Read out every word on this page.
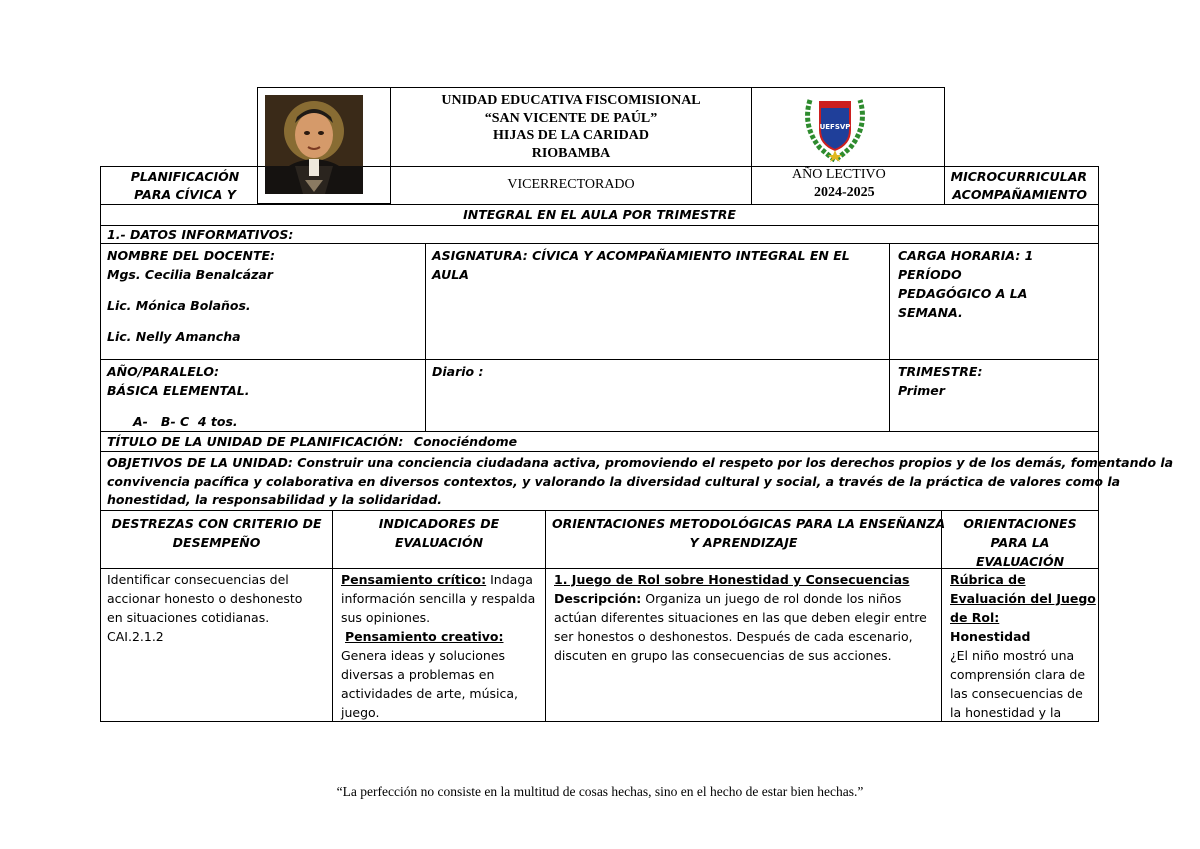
UNIDAD EDUCATIVA FISCOMISIONAL
“SAN VICENTE DE PAÚL”
HIJAS DE LA CARIDAD
RIOBAMBA
UEFSVP
PLANIFICACIÓN
PARA CÍVICA Y
VICERRECTORADO
AÑO LECTIVO
2024-2025
MICROCURRICULAR
ACOMPAÑAMIENTO
INTEGRAL EN EL AULA POR TRIMESTRE
1.- DATOS INFORMATIVOS:
NOMBRE DEL DOCENTE:
Mgs. Cecilia Benalcázar
Lic. Mónica Bolaños.
Lic. Nelly Amancha
ASIGNATURA: CÍVICA Y ACOMPAÑAMIENTO INTEGRAL EN EL AULA
CARGA HORARIA: 1 PERÍODO
PEDAGÓGICO A LA SEMANA.
AÑO/PARALELO:
BÁSICA ELEMENTAL.
A-   B- C  4 tos.
Diario :	TRIMESTRE:
Primer
TÍTULO DE LA UNIDAD DE PLANIFICACIÓN: Conociéndome
OBJETIVOS DE LA UNIDAD: Construir una conciencia ciudadana activa, promoviendo el respeto por los derechos propios y de los demás, fomentando la
convivencia pacífica y colaborativa en diversos contextos, y valorando la diversidad cultural y social, a través de la práctica de valores como la
honestidad, la responsabilidad y la solidaridad.
DESTREZAS CON CRITERIO DE
DESEMPEÑO
INDICADORES DE
EVALUACIÓN
ORIENTACIONES METODOLÓGICAS PARA LA ENSEÑANZA
Y APRENDIZAJE
ORIENTACIONES
PARA LA
EVALUACIÓN
Identificar consecuencias del
accionar honesto o deshonesto
en situaciones cotidianas.
CAI.2.1.2
Pensamiento crítico: Indaga
información sencilla y respalda
sus opiniones.
Pensamiento creativo:
Genera ideas y soluciones
diversas a problemas en
actividades de arte, música,
juego.
1. Juego de Rol sobre Honestidad y Consecuencias
Descripción: Organiza un juego de rol donde los niños
actúan diferentes situaciones en las que deben elegir entre
ser honestos o deshonestos. Después de cada escenario,
discuten en grupo las consecuencias de sus acciones.
Rúbrica de
Evaluación del Juego
de Rol:
Honestidad
¿El niño mostró una
comprensión clara de
las consecuencias de
la honestidad y la
“La perfección no consiste en la multitud de cosas hechas, sino en el hecho de estar bien hechas.”
